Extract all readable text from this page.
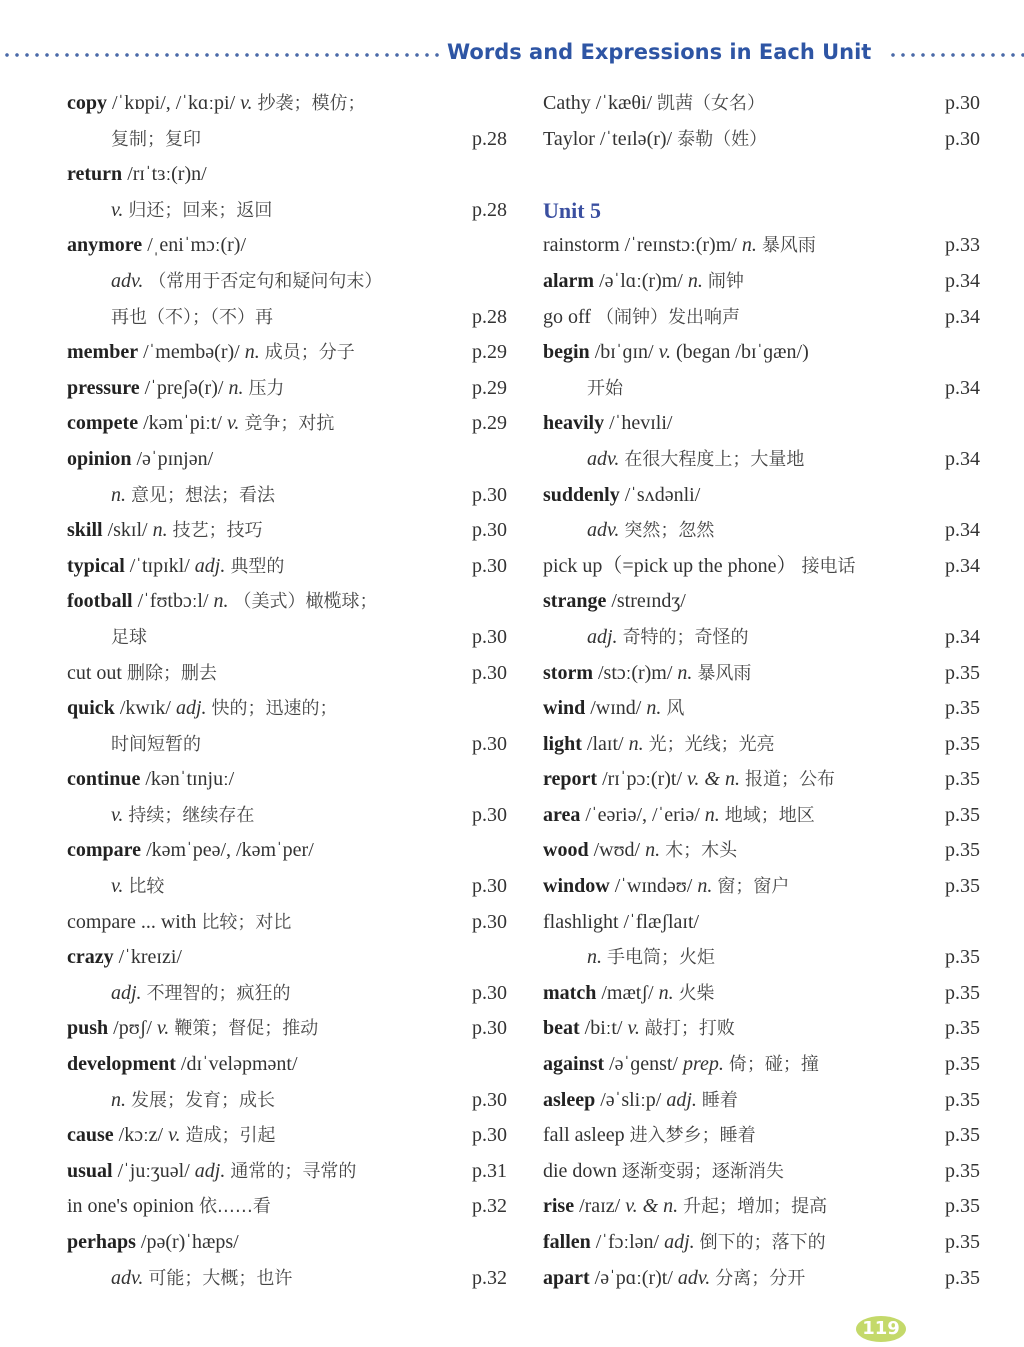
Words and Expressions in Each Unit
copy /ˈkɒpi/, /ˈkɑːpi/ v. 抄袭；模仿；
复制；复印	p.28
return /rɪˈtɜː(r)n/
v. 归还；回来；返回	p.28
anymore /ˌeniˈmɔː(r)/
adv. （常用于否定句和疑问句末）
再也（不）；（不）再	p.28
member /ˈmembə(r)/ n. 成员；分子	p.29
pressure /ˈpreʃə(r)/ n. 压力	p.29
compete /kəmˈpiːt/ v. 竞争；对抗	p.29
opinion /əˈpɪnjən/
n. 意见；想法；看法	p.30
skill /skɪl/ n. 技艺；技巧	p.30
typical /ˈtɪpɪkl/ adj. 典型的	p.30
football /ˈfʊtbɔːl/ n. （美式）橄榄球；
足球	p.30
cut out 删除；删去	p.30
quick /kwɪk/ adj. 快的；迅速的；
时间短暂的	p.30
continue /kənˈtɪnjuː/
v. 持续；继续存在	p.30
compare /kəmˈpeə/, /kəmˈper/
v. 比较	p.30
compare ... with 比较；对比	p.30
crazy /ˈkreɪzi/
adj. 不理智的；疯狂的	p.30
push /pʊʃ/ v. 鞭策；督促；推动	p.30
development /dɪˈveləpmənt/
n. 发展；发育；成长	p.30
cause /kɔːz/ v. 造成；引起	p.30
usual /ˈjuːʒuəl/ adj. 通常的；寻常的	p.31
in one's opinion 依……看	p.32
perhaps /pə(r)ˈhæps/
adv. 可能；大概；也许	p.32
Cathy /ˈkæθi/ 凯茜（女名）	p.30
Taylor /ˈteɪlə(r)/ 泰勒（姓）	p.30
Unit 5
rainstorm /ˈreɪnstɔː(r)m/ n. 暴风雨	p.33
alarm /əˈlɑː(r)m/ n. 闹钟	p.34
go off （闹钟）发出响声	p.34
begin /bɪˈɡɪn/ v. (began /bɪˈɡæn/)
开始	p.34
heavily /ˈhevɪli/
adv. 在很大程度上；大量地	p.34
suddenly /ˈsʌdənli/
adv. 突然；忽然	p.34
pick up（=pick up the phone） 接电话	p.34
strange /streɪndʒ/
adj. 奇特的；奇怪的	p.34
storm /stɔː(r)m/ n. 暴风雨	p.35
wind /wɪnd/ n. 风	p.35
light /laɪt/ n. 光；光线；光亮	p.35
report /rɪˈpɔː(r)t/ v. & n. 报道；公布	p.35
area /ˈeəriə/, /ˈeriə/ n. 地域；地区	p.35
wood /wʊd/ n. 木；木头	p.35
window /ˈwɪndəʊ/ n. 窗；窗户	p.35
flashlight /ˈflæʃlaɪt/
n. 手电筒；火炬	p.35
match /mætʃ/ n. 火柴	p.35
beat /biːt/ v. 敲打；打败	p.35
against /əˈɡenst/ prep. 倚；碰；撞	p.35
asleep /əˈsliːp/ adj. 睡着	p.35
fall asleep 进入梦乡；睡着	p.35
die down 逐渐变弱；逐渐消失	p.35
rise /raɪz/ v. & n. 升起；增加；提高	p.35
fallen /ˈfɔːlən/ adj. 倒下的；落下的	p.35
apart /əˈpɑː(r)t/ adv. 分离；分开	p.35
119
